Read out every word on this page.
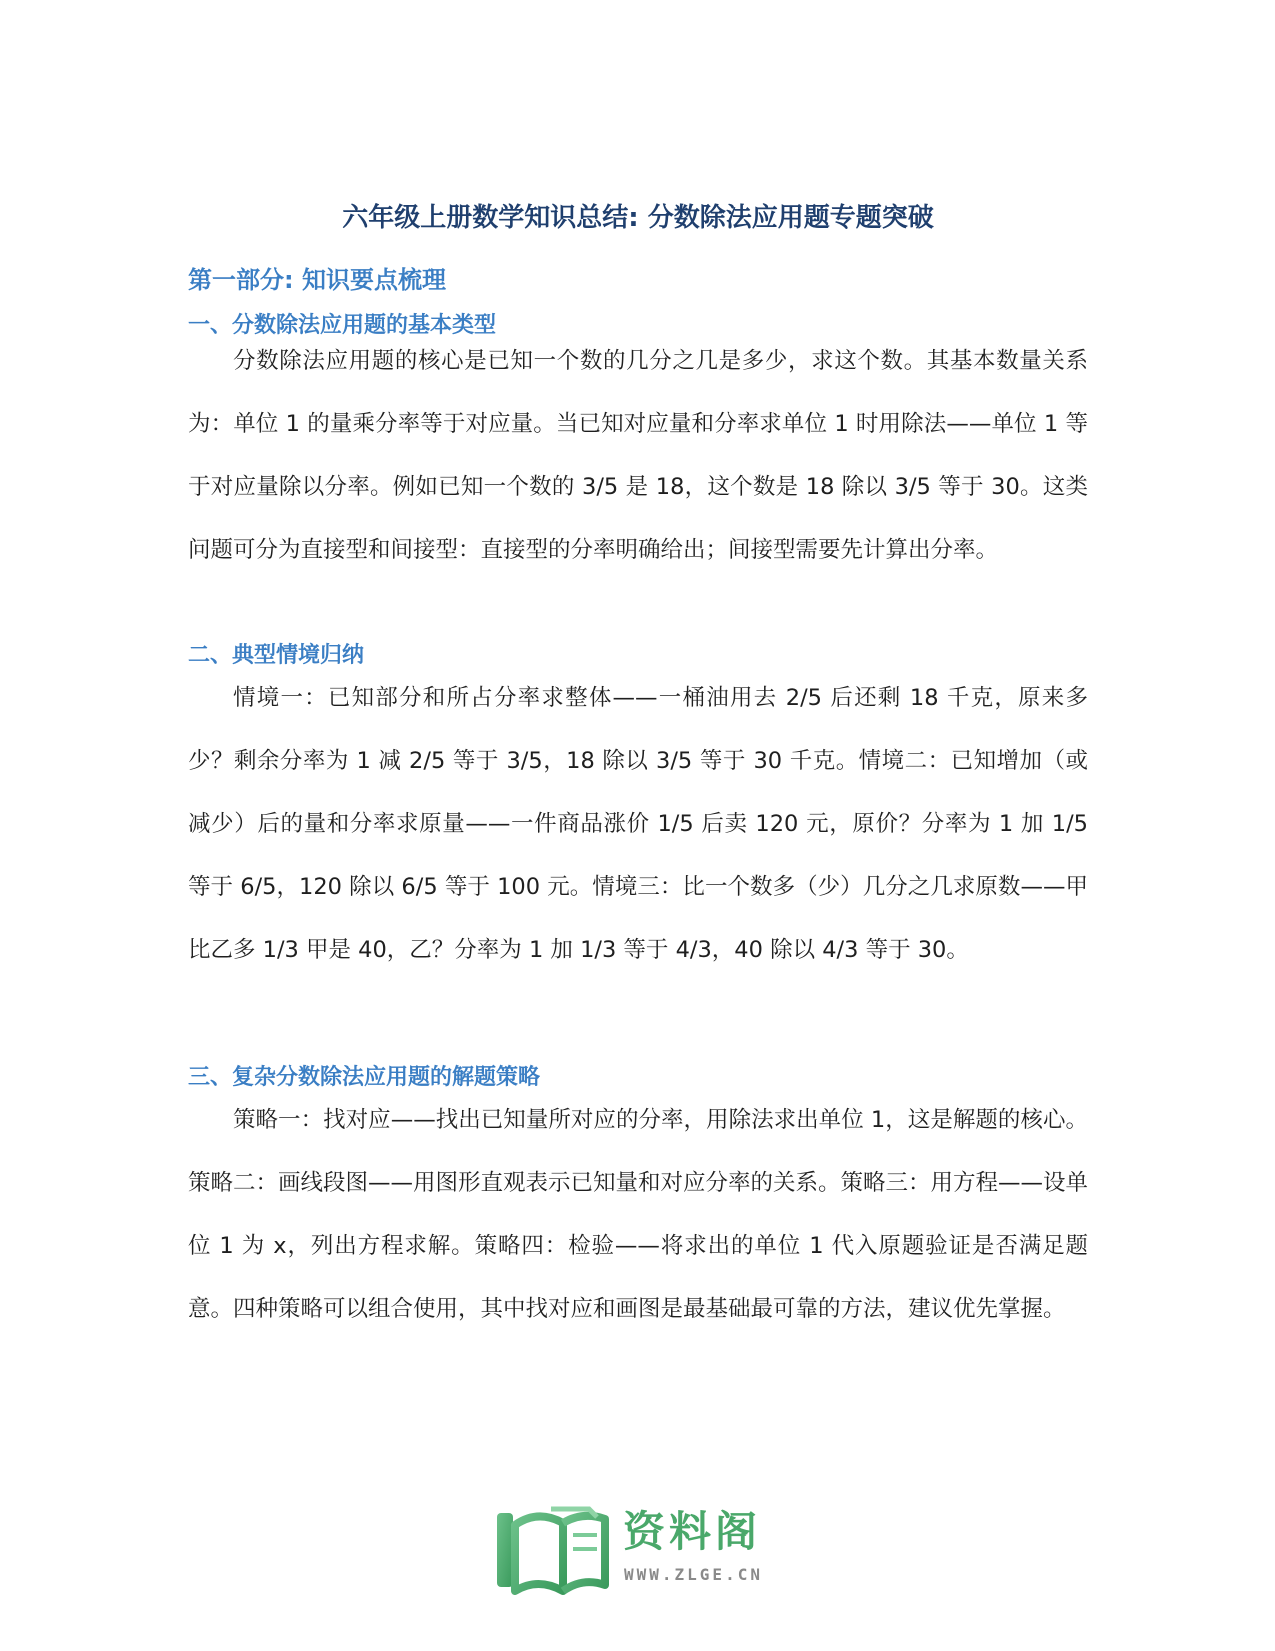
六年级上册数学知识总结: 分数除法应用题专题突破
第一部分: 知识要点梳理
一、分数除法应用题的基本类型

分数除法应用题的核心是已知一个数的几分之几是多少，求这个数。其基本数量关系为：单位 1 的量乘分率等于对应量。当已知对应量和分率求单位 1 时用除法——单位 1 等于对应量除以分率。例如已知一个数的 3/5 是 18，这个数是 18 除以 3/5 等于 30。这类问题可分为直接型和间接型：直接型的分率明确给出；间接型需要先计算出分率。

二、典型情境归纳

情境一：已知部分和所占分率求整体——一桶油用去 2/5 后还剩 18 千克，原来多少？剩余分率为 1 减 2/5 等于 3/5，18 除以 3/5 等于 30 千克。情境二：已知增加（或减少）后的量和分率求原量——一件商品涨价 1/5 后卖 120 元，原价？分率为 1 加 1/5 等于 6/5，120 除以 6/5 等于 100 元。情境三：比一个数多（少）几分之几求原数——甲比乙多 1/3 甲是 40，乙？分率为 1 加 1/3 等于 4/3，40 除以 4/3 等于 30。

三、复杂分数除法应用题的解题策略

策略一：找对应——找出已知量所对应的分率，用除法求出单位 1，这是解题的核心。策略二：画线段图——用图形直观表示已知量和对应分率的关系。策略三：用方程——设单位 1 为 x，列出方程求解。策略四：检验——将求出的单位 1 代入原题验证是否满足题意。四种策略可以组合使用，其中找对应和画图是最基础最可靠的方法，建议优先掌握。

资料阁
WWW.ZLGE.CN
